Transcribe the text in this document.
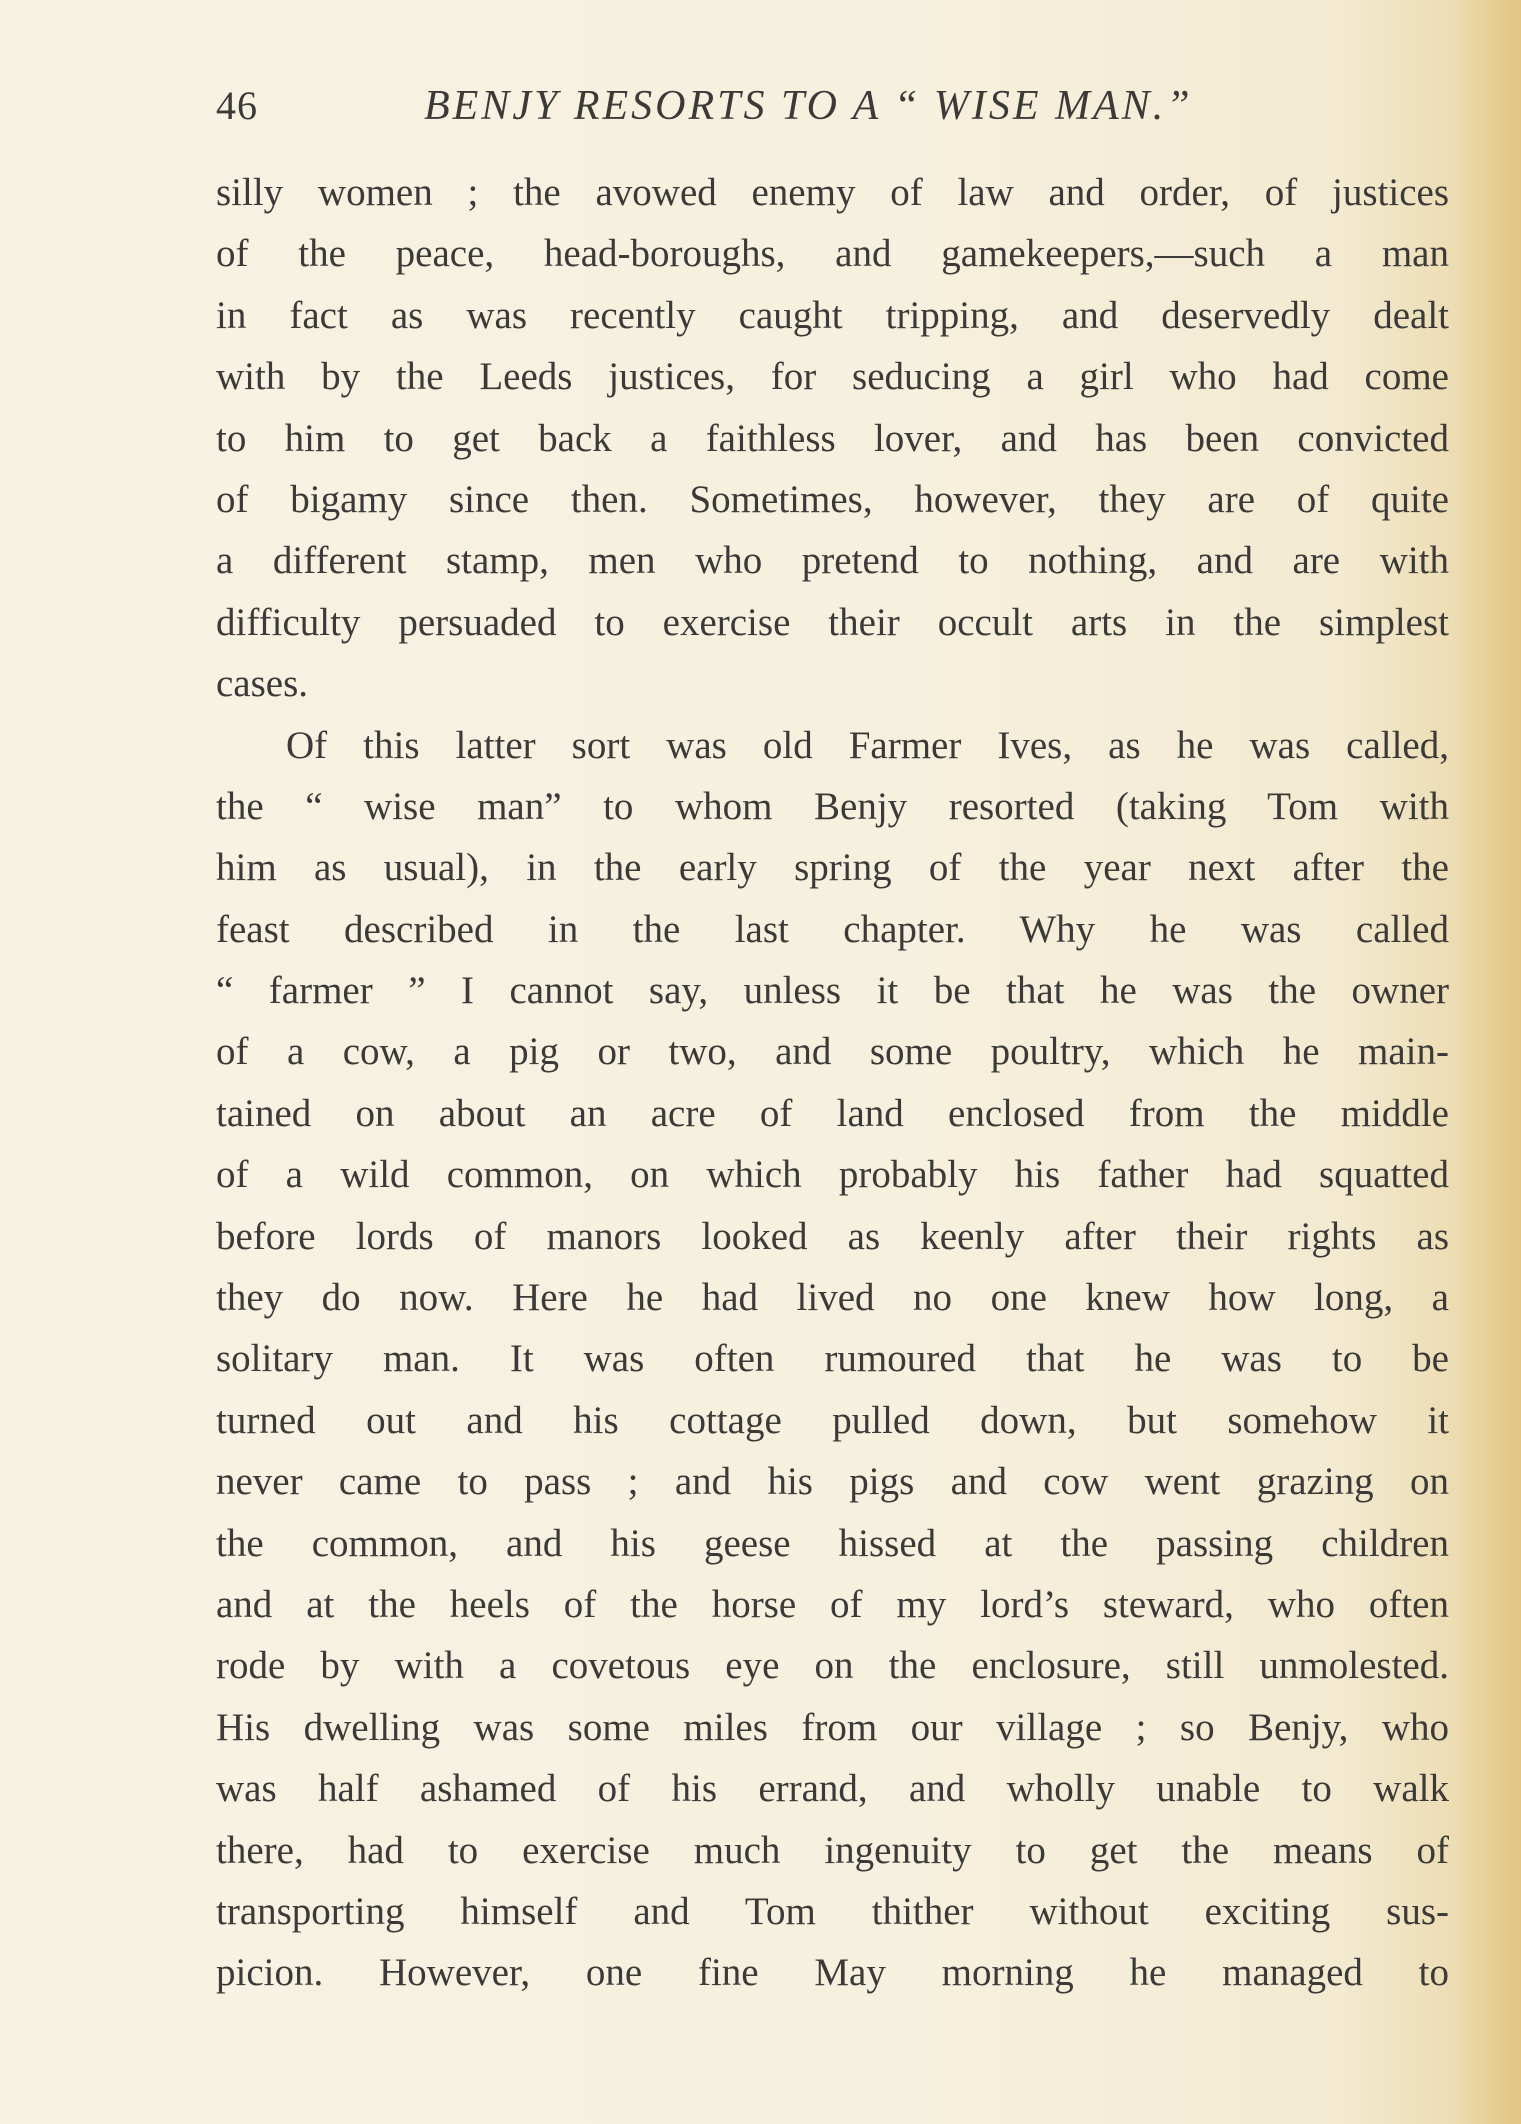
46	BENJY RESORTS TO A “ WISE MAN.”
silly women ; the avowed enemy of law and order, of justices
of the peace, head-boroughs, and gamekeepers,—such a man
in fact as was recently caught tripping, and deservedly dealt
with by the Leeds justices, for seducing a girl who had come
to him to get back a faithless lover, and has been convicted
of bigamy since then. Sometimes, however, they are of quite
a different stamp, men who pretend to nothing, and are with
difficulty persuaded to exercise their occult arts in the simplest
cases.
Of this latter sort was old Farmer Ives, as he was called,
the “ wise man” to whom Benjy resorted (taking Tom with
him as usual), in the early spring of the year next after the
feast described in the last chapter. Why he was called
“ farmer ” I cannot say, unless it be that he was the owner
of a cow, a pig or two, and some poultry, which he main-
tained on about an acre of land enclosed from the middle
of a wild common, on which probably his father had squatted
before lords of manors looked as keenly after their rights as
they do now. Here he had lived no one knew how long, a
solitary man. It was often rumoured that he was to be
turned out and his cottage pulled down, but somehow it
never came to pass ; and his pigs and cow went grazing on
the common, and his geese hissed at the passing children
and at the heels of the horse of my lord’s steward, who often
rode by with a covetous eye on the enclosure, still unmolested.
His dwelling was some miles from our village ; so Benjy, who
was half ashamed of his errand, and wholly unable to walk
there, had to exercise much ingenuity to get the means of
transporting himself and Tom thither without exciting sus-
picion. However, one fine May morning he managed to
